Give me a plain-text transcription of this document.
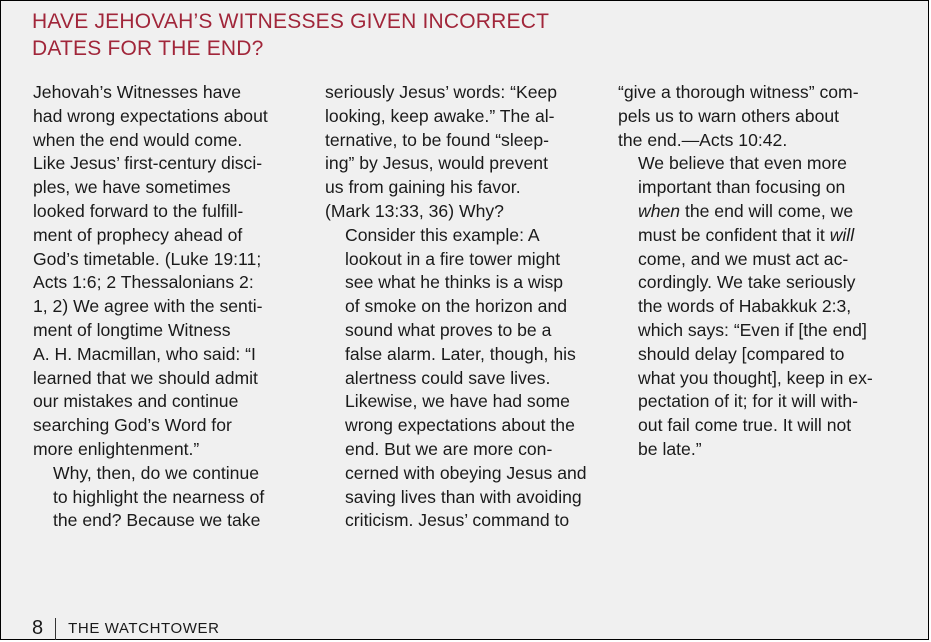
HAVE JEHOVAH’S WITNESSES GIVEN INCORRECT
DATES FOR THE END?

Jehovah’s Witnesses have
had wrong expectations about
when the end would come.
Like Jesus’ first-century disci-
ples, we have sometimes
looked forward to the fulfill-
ment of prophecy ahead of
God’s timetable. (Luke 19:11;
Acts 1:6; 2 Thessalonians 2:
1, 2) We agree with the senti-
ment of longtime Witness
A. H. Macmillan, who said: “I
learned that we should admit
our mistakes and continue
searching God’s Word for
more enlightenment.”

Why, then, do we continue
to highlight the nearness of
the end? Because we take

seriously Jesus’ words: “Keep
looking, keep awake.” The al-
ternative, to be found “sleep-
ing” by Jesus, would prevent
us from gaining his favor.
(Mark 13:33, 36) Why?

Consider this example: A
lookout in a fire tower might
see what he thinks is a wisp
of smoke on the horizon and
sound what proves to be a
false alarm. Later, though, his
alertness could save lives.

Likewise, we have had some
wrong expectations about the
end. But we are more con-
cerned with obeying Jesus and
saving lives than with avoiding
criticism. Jesus’ command to

“give a thorough witness” com-
pels us to warn others about
the end.—Acts 10:42.

We believe that even more
important than focusing on
when the end will come, we
must be confident that it will
come, and we must act ac-
cordingly. We take seriously
the words of Habakkuk 2:3,
which says: “Even if [the end]
should delay [compared to
what you thought], keep in ex-
pectation of it; for it will with-
out fail come true. It will not
be late.”

8 THE WATCHTOWER
